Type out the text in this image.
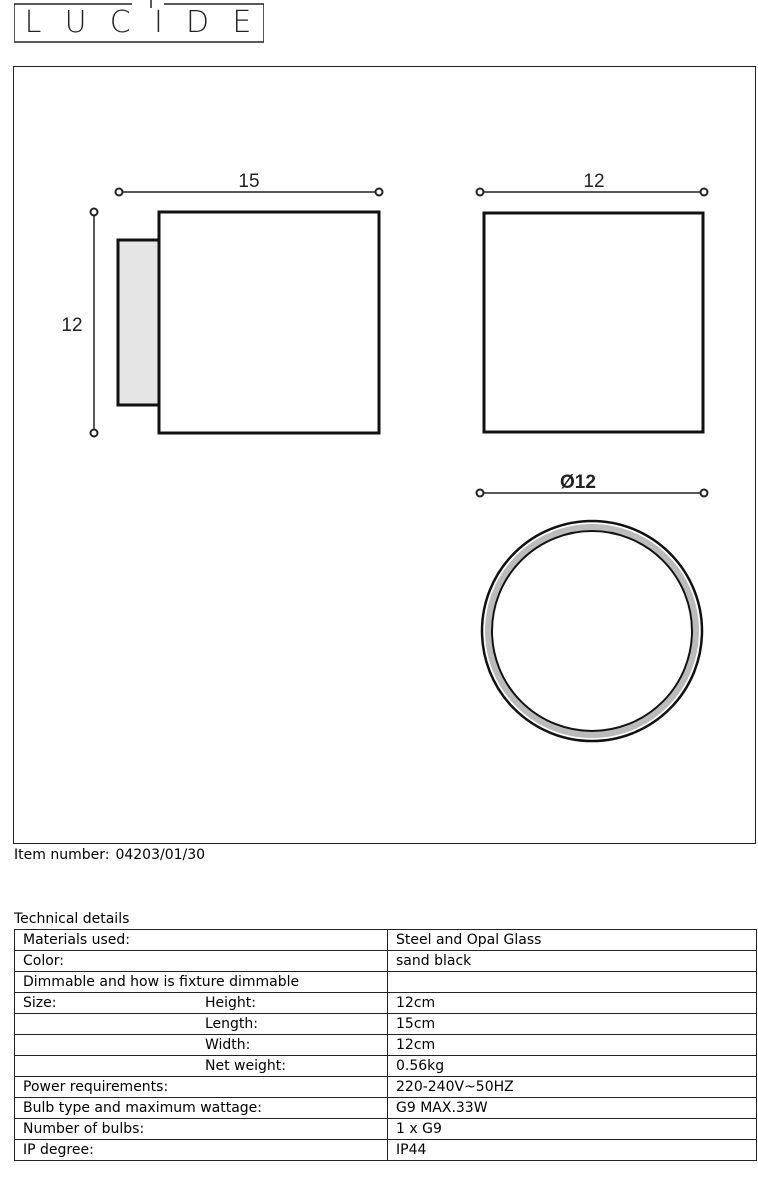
L U C I D E
15
12
12
Ø12
Item number: 04203/01/30
Technical details
Materials used:	Steel and Opal Glass
Color:	sand black
Dimmable and how is fixture dimmable	
Size: Height:	12cm

Length:	15cm

Width:	12cm

Net weight:	0.56kg
Power requirements:	220-240V~50HZ
Bulb type and maximum wattage:	G9 MAX.33W
Number of bulbs:	1 x G9
IP degree:	IP44
